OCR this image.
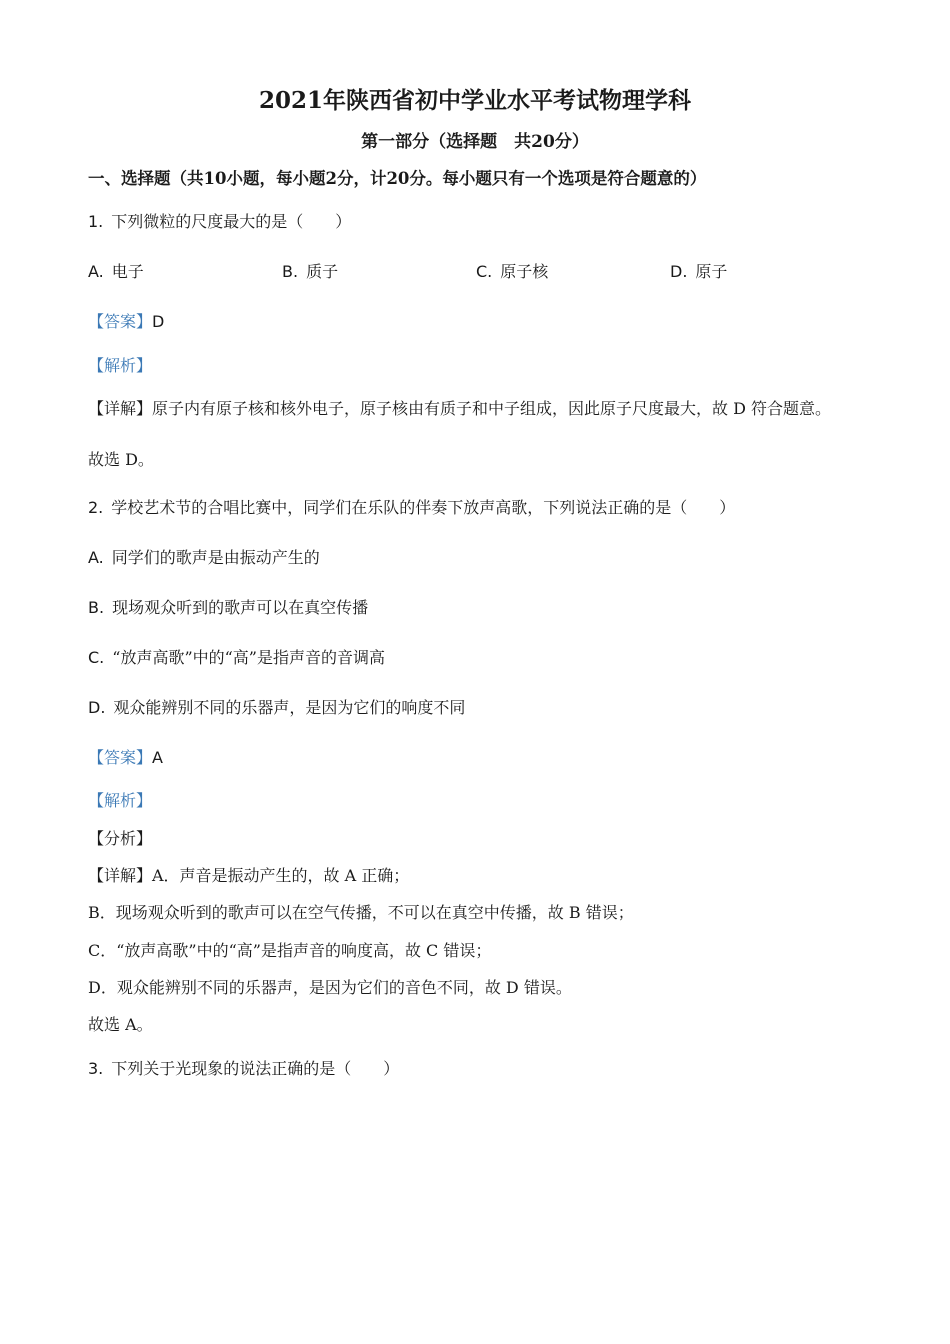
2021年陕西省初中学业水平考试物理学科
第一部分（选择题　共20分）
一、选择题（共10小题，每小题2分，计20分。每小题只有一个选项是符合题意的）
1. 下列微粒的尺度最大的是（　　）
A. 电子	B. 质子	C. 原子核	D. 原子
【答案】D
【解析】
【详解】原子内有原子核和核外电子，原子核由有质子和中子组成，因此原子尺度最大，故 D 符合题意。
故选 D。
2. 学校艺术节的合唱比赛中，同学们在乐队的伴奏下放声高歌，下列说法正确的是（　　）
A. 同学们的歌声是由振动产生的
B. 现场观众听到的歌声可以在真空传播
C. “放声高歌”中的“高”是指声音的音调高
D. 观众能辨别不同的乐器声，是因为它们的响度不同
【答案】A
【解析】
【分析】
【详解】A．声音是振动产生的，故 A 正确；
B．现场观众听到的歌声可以在空气传播，不可以在真空中传播，故 B 错误；
C．“放声高歌”中的“高”是指声音的响度高，故 C 错误；
D．观众能辨别不同的乐器声，是因为它们的音色不同，故 D 错误。
故选 A。
3. 下列关于光现象的说法正确的是（　　）
